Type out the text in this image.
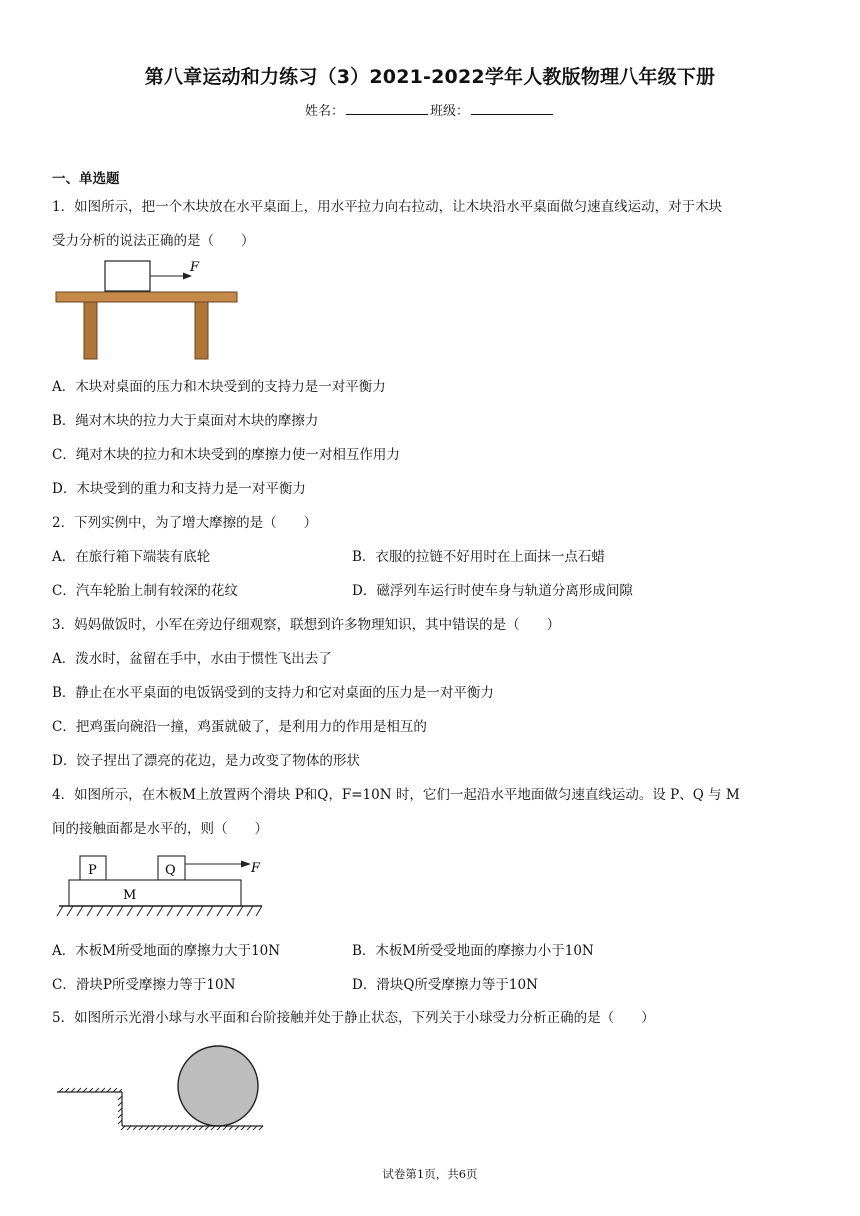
第八章运动和力练习（3）2021-2022学年人教版物理八年级下册
姓名：	班级：
一、单选题
1．如图所示，把一个木块放在水平桌面上，用水平拉力向右拉动，让木块沿水平桌面做匀速直线运动，对于木块
受力分析的说法正确的是（　　）
F
A．木块对桌面的压力和木块受到的支持力是一对平衡力
B．绳对木块的拉力大于桌面对木块的摩擦力
C．绳对木块的拉力和木块受到的摩擦力使一对相互作用力
D．木块受到的重力和支持力是一对平衡力
2．下列实例中，为了增大摩擦的是（　　）
A．在旅行箱下端装有底轮	B．衣服的拉链不好用时在上面抹一点石蜡
C．汽车轮胎上制有较深的花纹	D．磁浮列车运行时使车身与轨道分离形成间隙
3．妈妈做饭时，小军在旁边仔细观察，联想到许多物理知识，其中错误的是（　　）
A．泼水时，盆留在手中，水由于惯性飞出去了
B．静止在水平桌面的电饭锅受到的支持力和它对桌面的压力是一对平衡力
C．把鸡蛋向碗沿一撞，鸡蛋就破了，是利用力的作用是相互的
D．饺子捏出了漂亮的花边，是力改变了物体的形状
4．如图所示，在木板M上放置两个滑块 P和Q，F=10N 时，它们一起沿水平地面做匀速直线运动。设 P、Q 与 M
间的接触面都是水平的，则（　　）
P	Q	F
M
A．木板M所受地面的摩擦力大于10N	B．木板M所受受地面的摩擦力小于10N
C．滑块P所受摩擦力等于10N	D．滑块Q所受摩擦力等于10N
5．如图所示光滑小球与水平面和台阶接触并处于静止状态，下列关于小球受力分析正确的是（　　）
试卷第1页，共6页
